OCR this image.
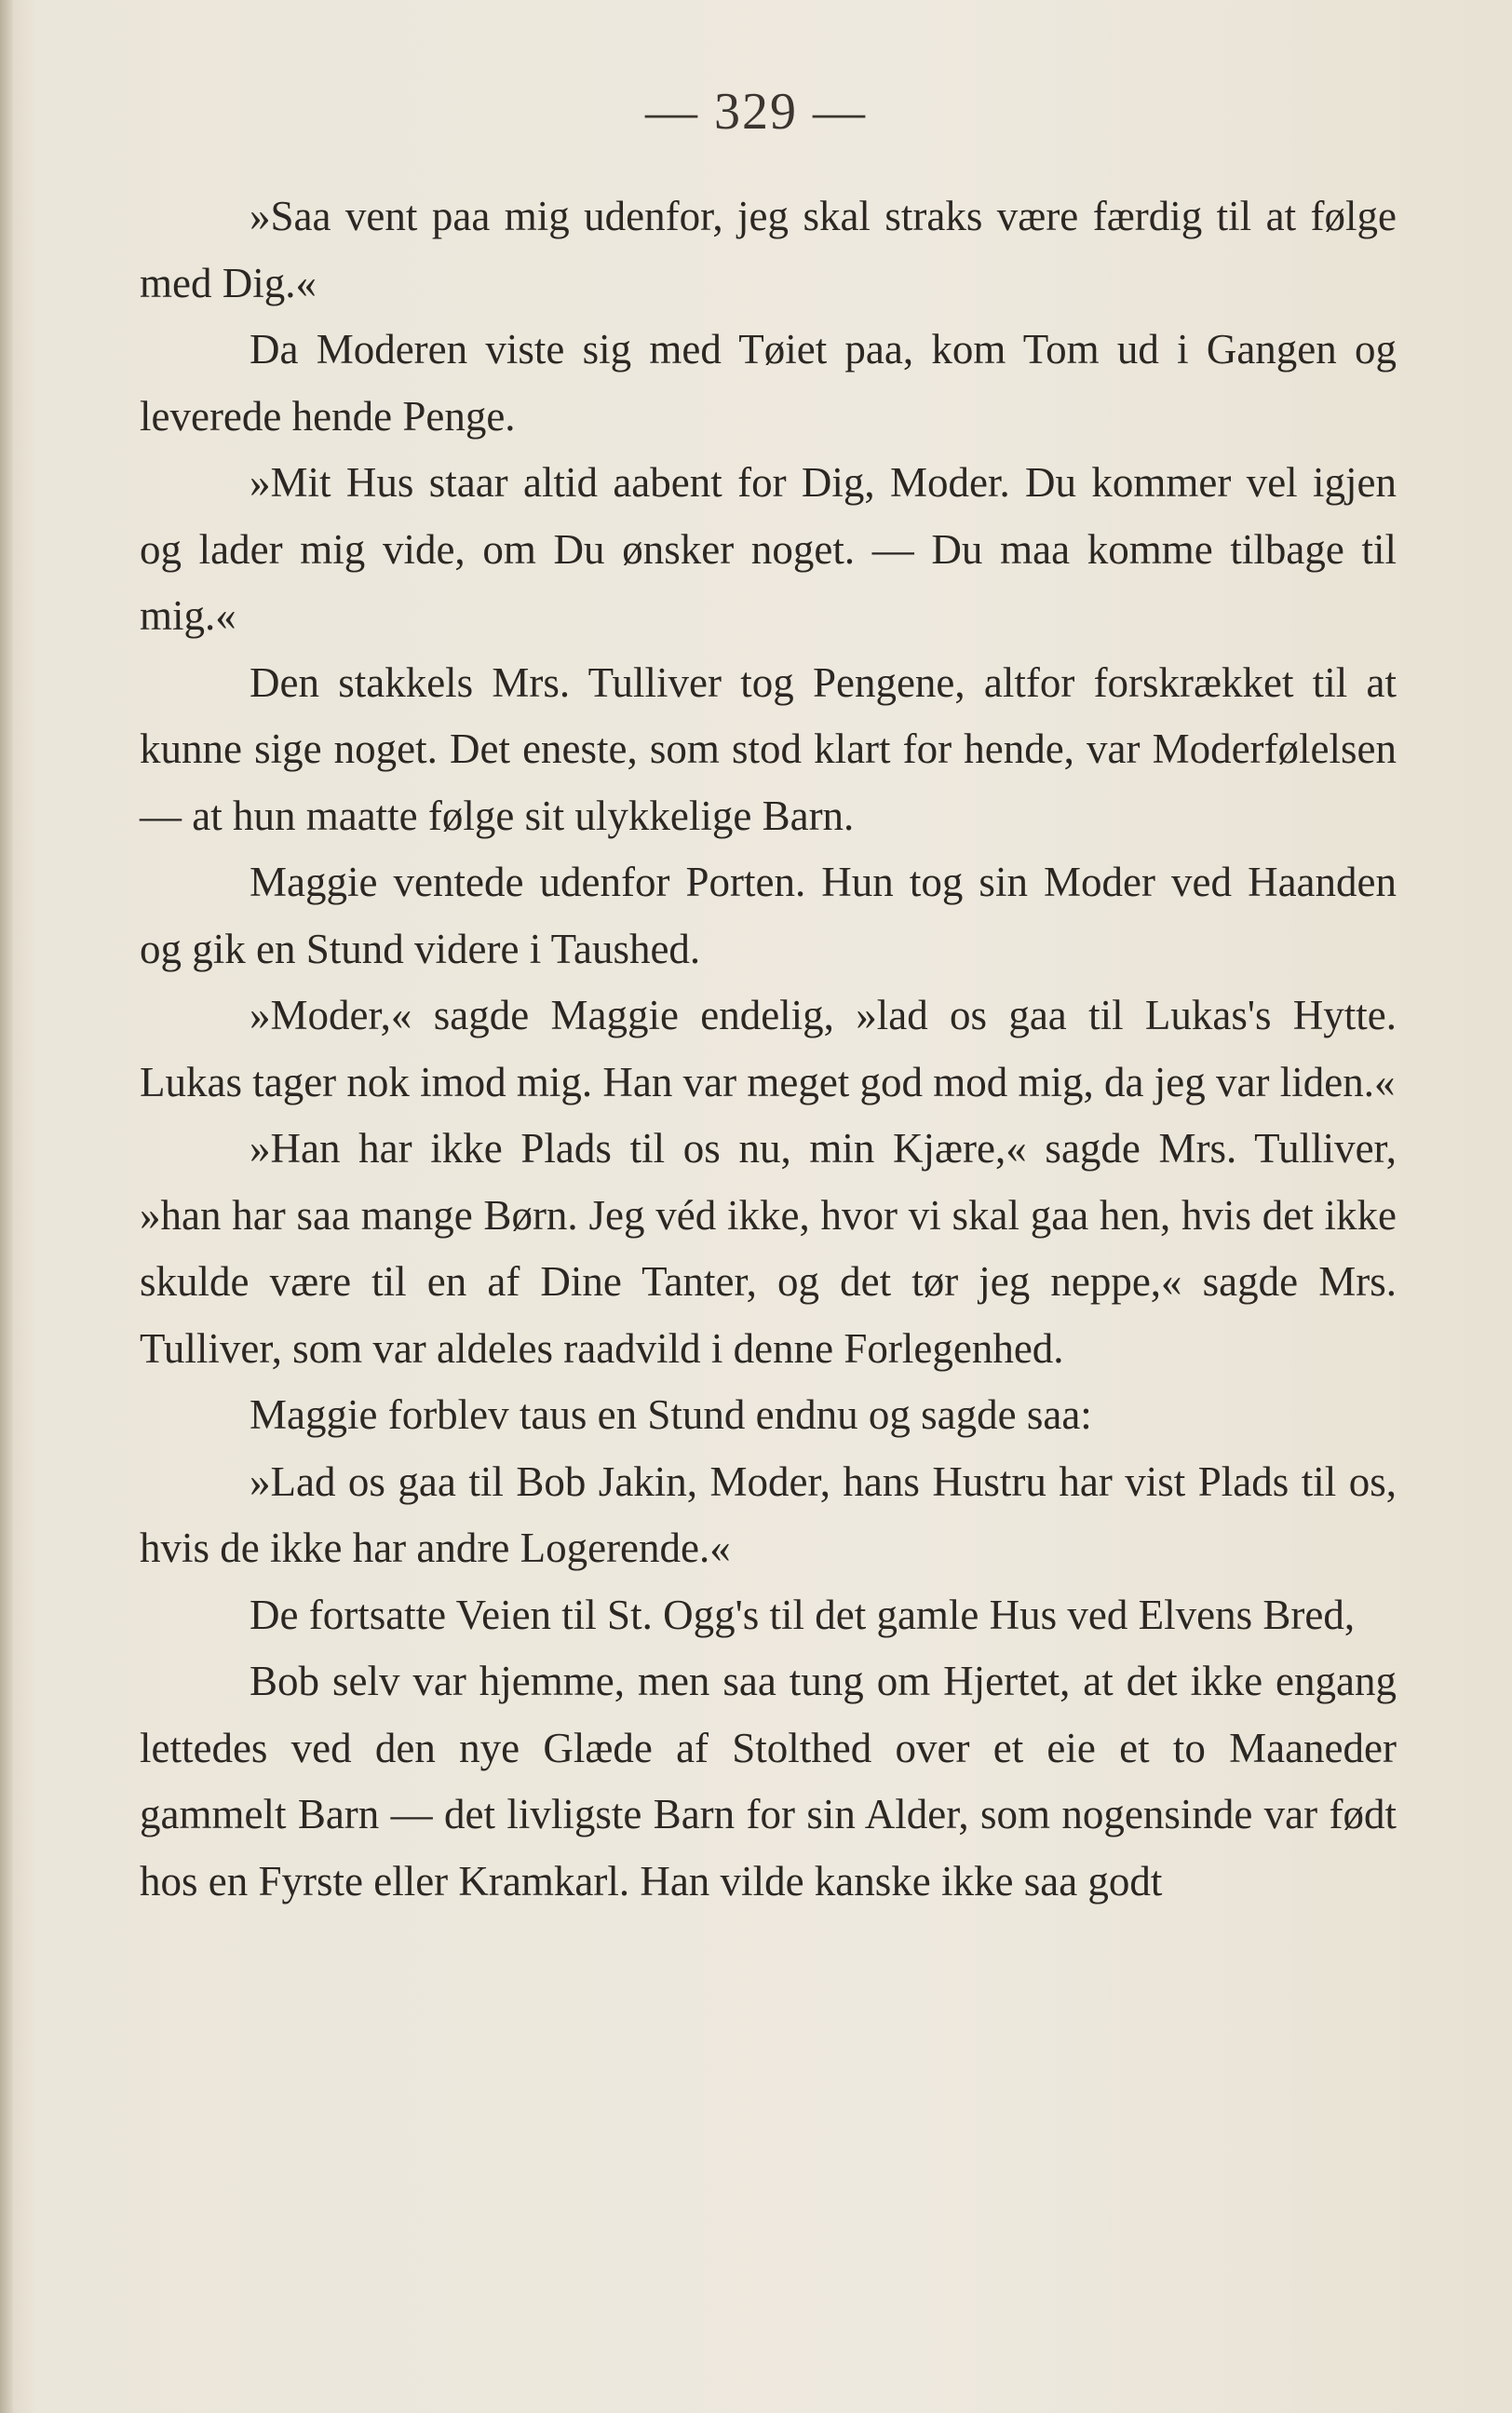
— 329 —

»Saa vent paa mig udenfor, jeg skal straks være færdig til at følge med Dig.«

Da Moderen viste sig med Tøiet paa, kom Tom ud i Gangen og leverede hende Penge.

»Mit Hus staar altid aabent for Dig, Moder. Du kommer vel igjen og lader mig vide, om Du ønsker noget. — Du maa komme tilbage til mig.«

Den stakkels Mrs. Tulliver tog Pengene, altfor forskrækket til at kunne sige noget. Det eneste, som stod klart for hende, var Moderfølelsen — at hun maatte følge sit ulykkelige Barn.

Maggie ventede udenfor Porten. Hun tog sin Moder ved Haanden og gik en Stund videre i Taushed.

»Moder,« sagde Maggie endelig, »lad os gaa til Lukas's Hytte. Lukas tager nok imod mig. Han var meget god mod mig, da jeg var liden.«

»Han har ikke Plads til os nu, min Kjære,« sagde Mrs. Tulliver, »han har saa mange Børn. Jeg véd ikke, hvor vi skal gaa hen, hvis det ikke skulde være til en af Dine Tanter, og det tør jeg neppe,« sagde Mrs. Tulliver, som var aldeles raadvild i denne Forlegenhed.

Maggie forblev taus en Stund endnu og sagde saa:

»Lad os gaa til Bob Jakin, Moder, hans Hustru har vist Plads til os, hvis de ikke har andre Logerende.«

De fortsatte Veien til St. Ogg's til det gamle Hus ved Elvens Bred,

Bob selv var hjemme, men saa tung om Hjertet, at det ikke engang lettedes ved den nye Glæde af Stolthed over et eie et to Maaneder gammelt Barn — det livligste Barn for sin Alder, som nogensinde var født hos en Fyrste eller Kramkarl. Han vilde kanske ikke saa godt
